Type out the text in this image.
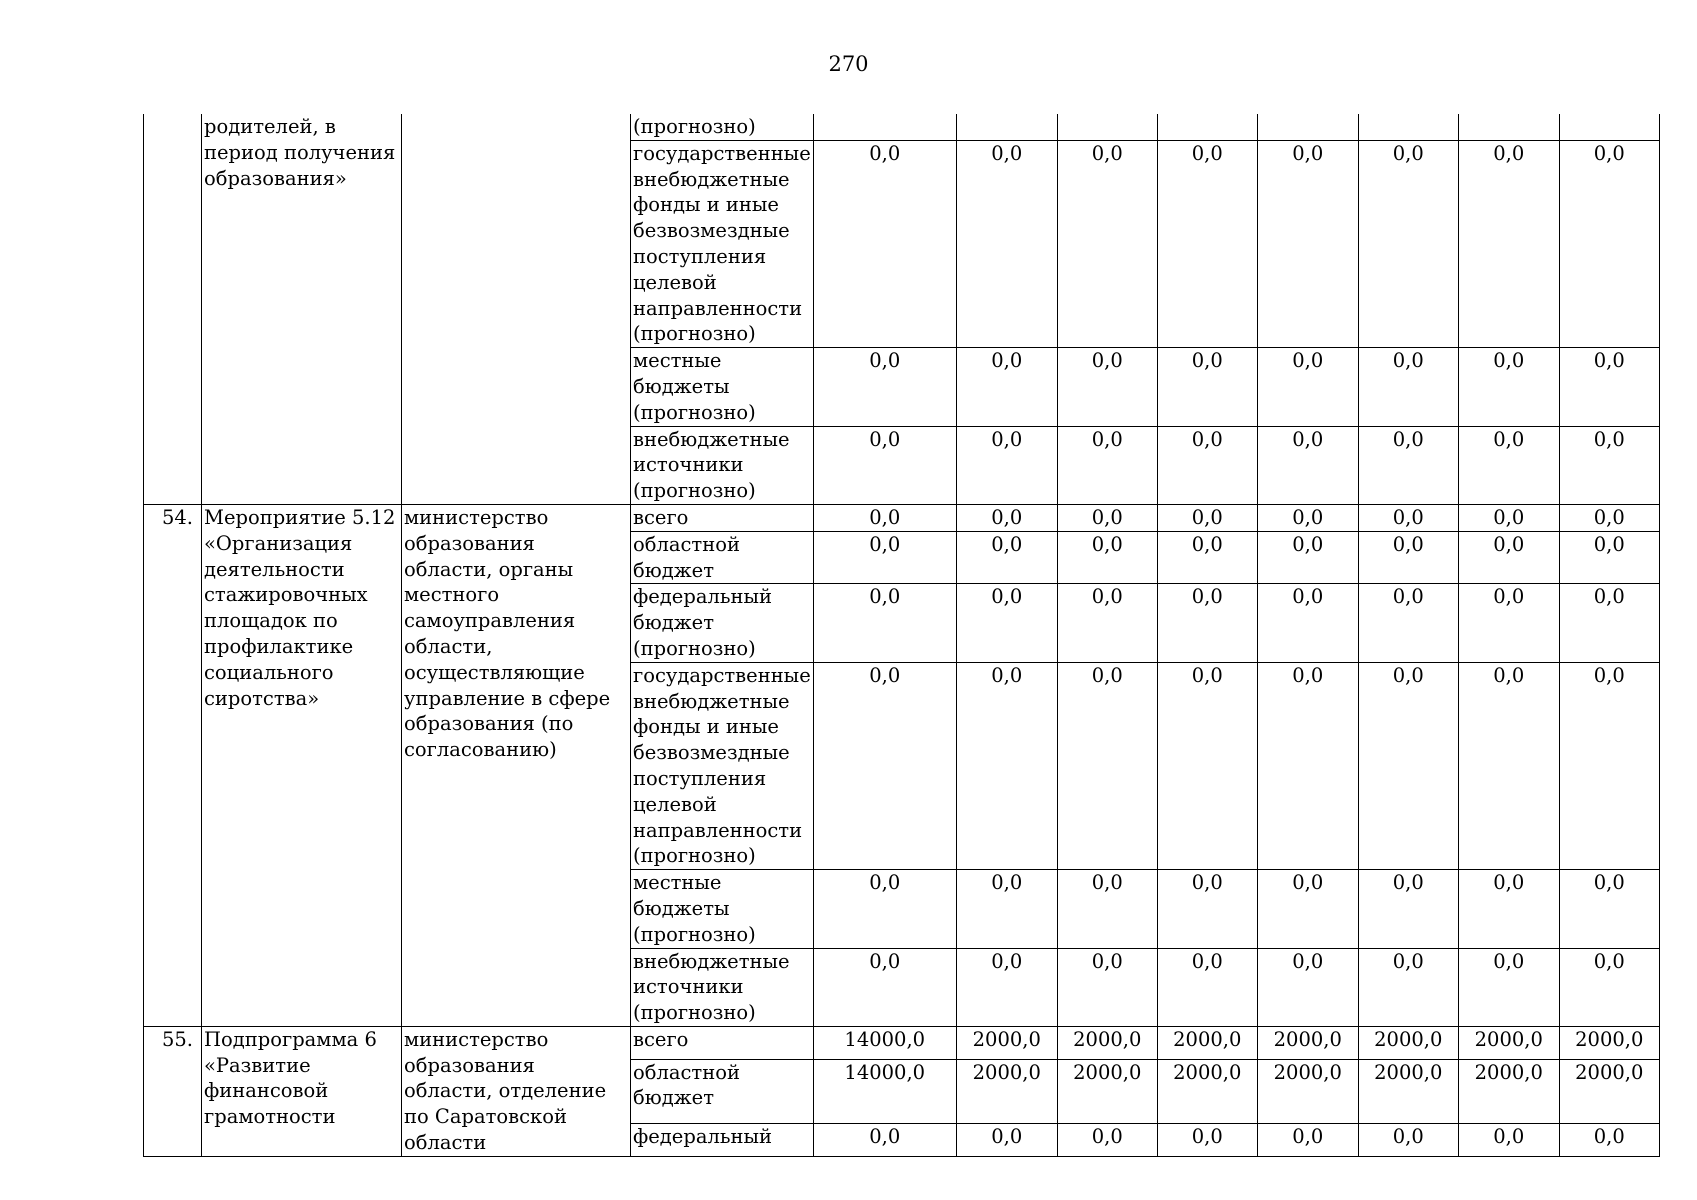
270
	родителей, в период получения образования»		(прогнозно)								
			государственные внебюджетные фонды и иные безвозмездные поступления целевой направленности (прогнозно)	0,0	0,0	0,0	0,0	0,0	0,0	0,0	0,0
			местные бюджеты (прогнозно)	0,0	0,0	0,0	0,0	0,0	0,0	0,0	0,0
			внебюджетные источники (прогнозно)	0,0	0,0	0,0	0,0	0,0	0,0	0,0	0,0
54.	Мероприятие 5.12 «Организация деятельности стажировочных площадок по профилактике социального сиротства»	министерство образования области, органы местного самоуправления области, осуществляющие управление в сфере образования (по согласованию)	всего	0,0	0,0	0,0	0,0	0,0	0,0	0,0	0,0
			областной бюджет	0,0	0,0	0,0	0,0	0,0	0,0	0,0	0,0
			федеральный бюджет (прогнозно)	0,0	0,0	0,0	0,0	0,0	0,0	0,0	0,0
			государственные внебюджетные фонды и иные безвозмездные поступления целевой направленности (прогнозно)	0,0	0,0	0,0	0,0	0,0	0,0	0,0	0,0
			местные бюджеты (прогнозно)	0,0	0,0	0,0	0,0	0,0	0,0	0,0	0,0
			внебюджетные источники (прогнозно)	0,0	0,0	0,0	0,0	0,0	0,0	0,0	0,0
55.	Подпрограмма 6 «Развитие финансовой грамотности	министерство образования области, отделение по Саратовской области	всего	14000,0	2000,0	2000,0	2000,0	2000,0	2000,0	2000,0	2000,0
			областной бюджет	14000,0	2000,0	2000,0	2000,0	2000,0	2000,0	2000,0	2000,0
			федеральный	0,0	0,0	0,0	0,0	0,0	0,0	0,0	0,0
